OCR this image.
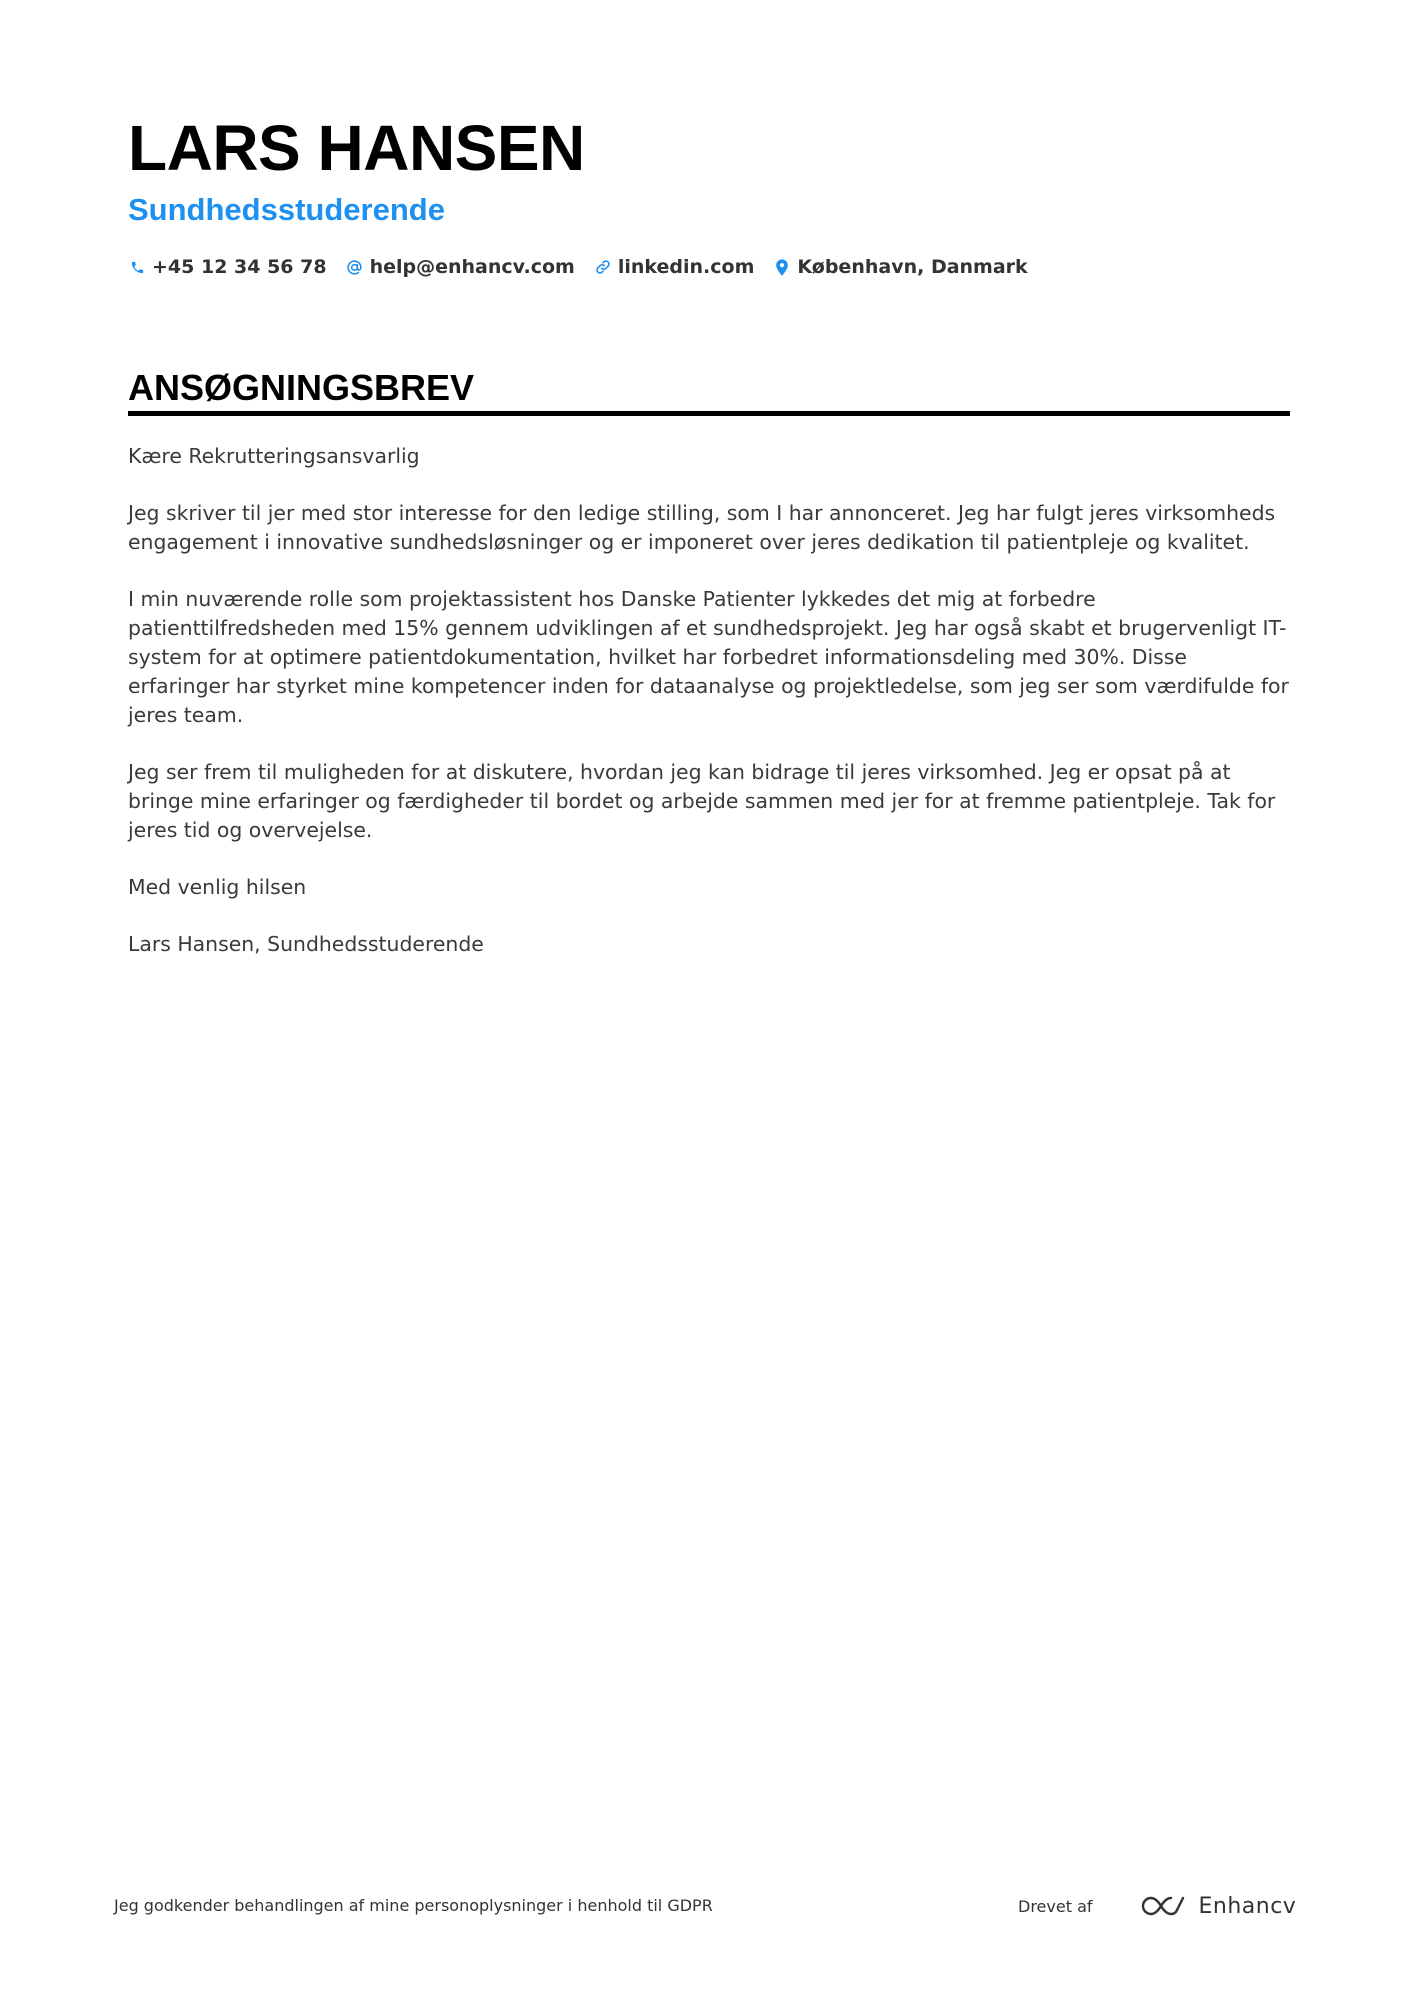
LARS HANSEN
Sundhedsstuderende
+45 12 34 56 78 help@enhancv.com linkedin.com København, Danmark
ANSØGNINGSBREV

Kære Rekrutteringsansvarlig

Jeg skriver til jer med stor interesse for den ledige stilling, som I har annonceret. Jeg har fulgt jeres virksomheds engagement i innovative sundhedsløsninger og er imponeret over jeres dedikation til patientpleje og kvalitet.

I min nuværende rolle som projektassistent hos Danske Patienter lykkedes det mig at forbedre patienttilfredsheden med 15% gennem udviklingen af et sundhedsprojekt. Jeg har også skabt et brugervenligt IT-system for at optimere patientdokumentation, hvilket har forbedret informationsdeling med 30%. Disse erfaringer har styrket mine kompetencer inden for dataanalyse og projektledelse, som jeg ser som værdifulde for jeres team.

Jeg ser frem til muligheden for at diskutere, hvordan jeg kan bidrage til jeres virksomhed. Jeg er opsat på at bringe mine erfaringer og færdigheder til bordet og arbejde sammen med jer for at fremme patientpleje. Tak for jeres tid og overvejelse.

Med venlig hilsen

Lars Hansen, Sundhedsstuderende

Jeg godkender behandlingen af mine personoplysninger i henhold til GDPR	Drevet af	Enhancv
